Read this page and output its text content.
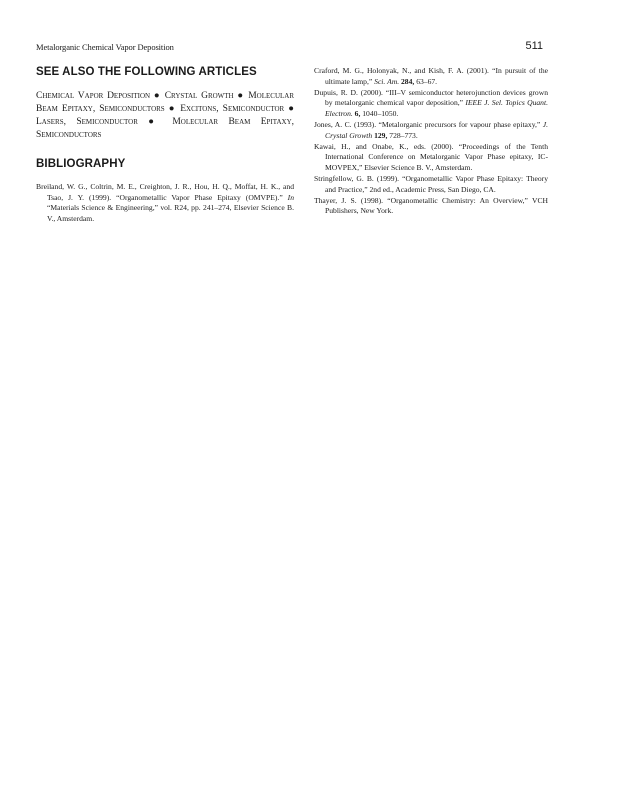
Metalorganic Chemical Vapor Deposition	511
SEE ALSO THE FOLLOWING ARTICLES

Chemical Vapor Deposition ● Crystal Growth ● Molecular Beam Epitaxy, Semiconductors ● Excitons, Semiconductor ● Lasers, Semiconductor ● Molecular Beam Epitaxy, Semiconductors

BIBLIOGRAPHY

Breiland, W. G., Coltrin, M. E., Creighton, J. R., Hou, H. Q., Moffat, H. K., and Tsao, J. Y. (1999). “Organometallic Vapor Phase Epitaxy (OMVPE).” In “Materials Science & Engineering,” vol. R24, pp. 241–274, Elsevier Science B. V., Amsterdam.

Craford, M. G., Holonyak, N., and Kish, F. A. (2001). “In pursuit of the ultimate lamp,” Sci. Am. 284, 63–67.

Dupuis, R. D. (2000). “III–V semiconductor heterojunction devices grown by metalorganic chemical vapor deposition,” IEEE J. Sel. Topics Quant. Electron. 6, 1040–1050.

Jones, A. C. (1993). “Metalorganic precursors for vapour phase epitaxy,” J. Crystal Growth 129, 728–773.

Kawai, H., and Onabe, K., eds. (2000). “Proceedings of the Tenth International Conference on Metalorganic Vapor Phase epitaxy, IC-MOVPEX,” Elsevier Science B. V., Amsterdam.

Stringfellow, G. B. (1999). “Organometallic Vapor Phase Epitaxy: Theory and Practice,” 2nd ed., Academic Press, San Diego, CA.

Thayer, J. S. (1998). “Organometallic Chemistry: An Overview,” VCH Publishers, New York.
